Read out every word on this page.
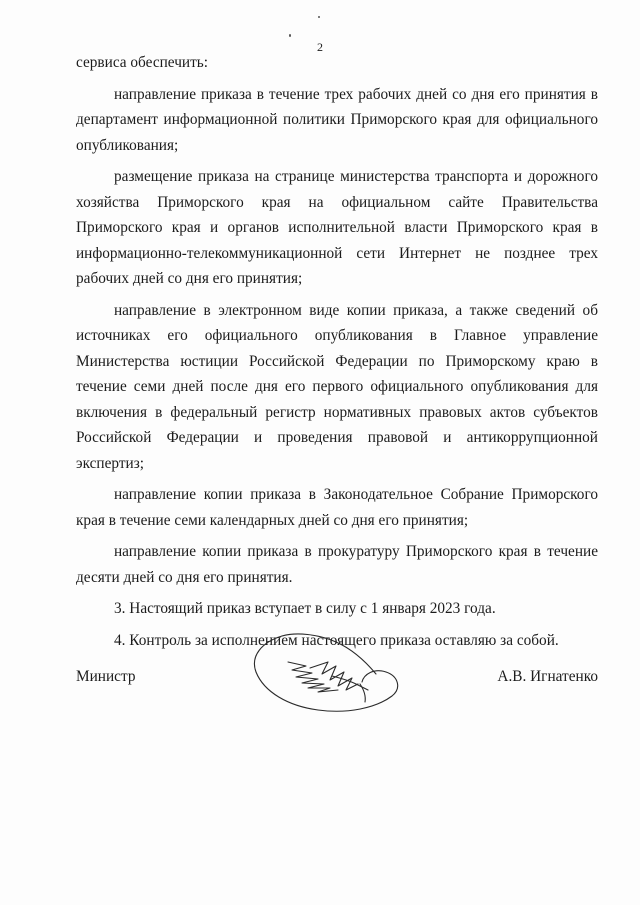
2

сервиса обеспечить:

направление приказа в течение трех рабочих дней со дня его принятия в департамент информационной политики Приморского края для официального опубликования;

размещение приказа на странице министерства транспорта и дорожного хозяйства Приморского края на официальном сайте Правительства Приморского края и органов исполнительной власти Приморского края в информационно-телекоммуникационной сети Интернет не позднее трех рабочих дней со дня его принятия;

направление в электронном виде копии приказа, а также сведений об источниках его официального опубликования в Главное управление Министерства юстиции Российской Федерации по Приморскому краю в течение семи дней после дня его первого официального опубликования для включения в федеральный регистр нормативных правовых актов субъектов Российской Федерации и проведения правовой и антикоррупционной экспертиз;

направление копии приказа в Законодательное Собрание Приморского края в течение семи календарных дней со дня его принятия;

направление копии приказа в прокуратуру Приморского края в течение десяти дней со дня его принятия.

3. Настоящий приказ вступает в силу с 1 января 2023 года.

4. Контроль за исполнением настоящего приказа оставляю за собой.

Министр	А.В. Игнатенко
